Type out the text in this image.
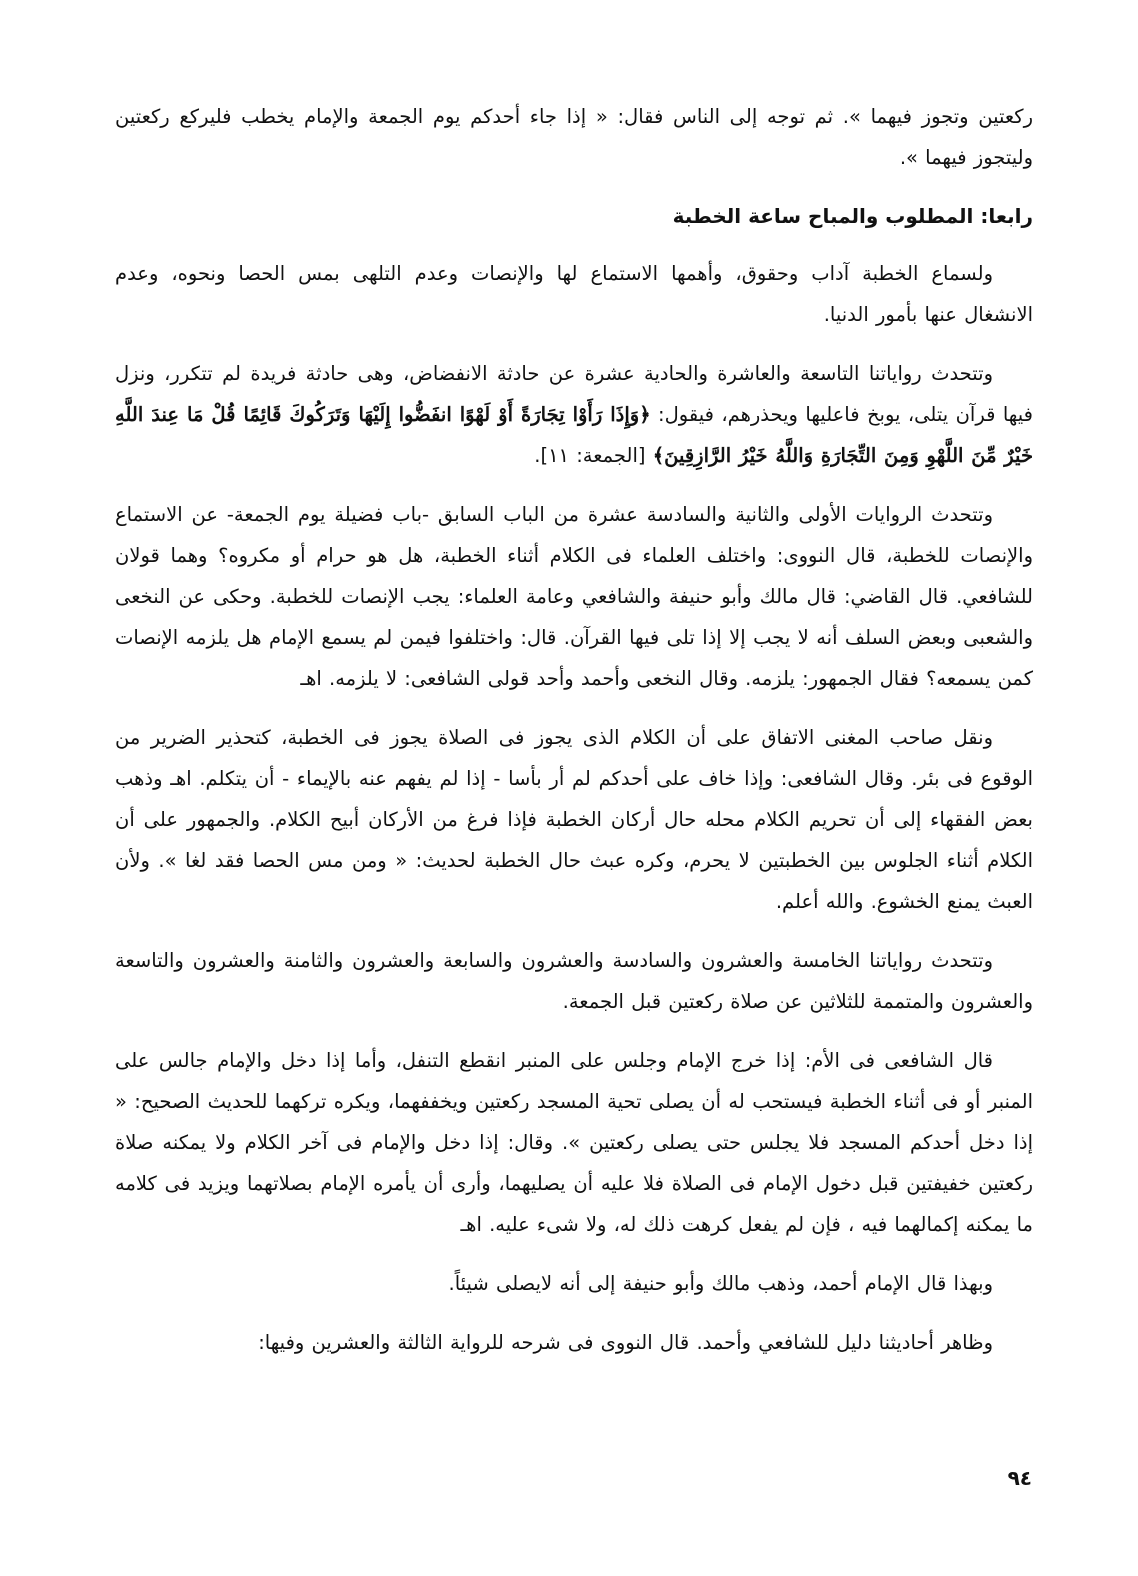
ركعتين وتجوز فيهما ». ثم توجه إلى الناس فقال: « إذا جاء أحدكم يوم الجمعة والإمام يخطب فليركع ركعتين وليتجوز فيهما ».

رابعا: المطلوب والمباح ساعة الخطبة

ولسماع الخطبة آداب وحقوق، وأهمها الاستماع لها والإنصات وعدم التلهى بمس الحصا ونحوه، وعدم الانشغال عنها بأمور الدنيا.

وتتحدث رواياتنا التاسعة والعاشرة والحادية عشرة عن حادثة الانفضاض، وهى حادثة فريدة لم تتكرر، ونزل فيها قرآن يتلى، يوبخ فاعليها ويحذرهم، فيقول: ﴿وَإِذَا رَأَوْا تِجَارَةً أَوْ لَهْوًا انفَضُّوا إِلَيْهَا وَتَرَكُوكَ قَائِمًا قُلْ مَا عِندَ اللَّهِ خَيْرٌ مِّنَ اللَّهْوِ وَمِنَ التِّجَارَةِ وَاللَّهُ خَيْرُ الرَّازِقِينَ﴾ [الجمعة: ١١].

وتتحدث الروايات الأولى والثانية والسادسة عشرة من الباب السابق -باب فضيلة يوم الجمعة- عن الاستماع والإنصات للخطبة، قال النووى: واختلف العلماء فى الكلام أثناء الخطبة، هل هو حرام أو مكروه؟ وهما قولان للشافعي. قال القاضي: قال مالك وأبو حنيفة والشافعي وعامة العلماء: يجب الإنصات للخطبة. وحكى عن النخعى والشعبى وبعض السلف أنه لا يجب إلا إذا تلى فيها القرآن. قال: واختلفوا فيمن لم يسمع الإمام هل يلزمه الإنصات كمن يسمعه؟ فقال الجمهور: يلزمه. وقال النخعى وأحمد وأحد قولى الشافعى: لا يلزمه. اهـ

ونقل صاحب المغنى الاتفاق على أن الكلام الذى يجوز فى الصلاة يجوز فى الخطبة، كتحذير الضرير من الوقوع فى بئر. وقال الشافعى: وإذا خاف على أحدكم لم أر بأسا - إذا لم يفهم عنه بالإيماء - أن يتكلم. اهـ وذهب بعض الفقهاء إلى أن تحريم الكلام محله حال أركان الخطبة فإذا فرغ من الأركان أبيح الكلام. والجمهور على أن الكلام أثناء الجلوس بين الخطبتين لا يحرم، وكره عبث حال الخطبة لحديث: « ومن مس الحصا فقد لغا ». ولأن العبث يمنع الخشوع. والله أعلم.

وتتحدث رواياتنا الخامسة والعشرون والسادسة والعشرون والسابعة والعشرون والثامنة والعشرون والتاسعة والعشرون والمتممة للثلاثين عن صلاة ركعتين قبل الجمعة.

قال الشافعى فى الأم: إذا خرج الإمام وجلس على المنبر انقطع التنفل، وأما إذا دخل والإمام جالس على المنبر أو فى أثناء الخطبة فيستحب له أن يصلى تحية المسجد ركعتين ويخففهما، ويكره تركهما للحديث الصحيح: « إذا دخل أحدكم المسجد فلا يجلس حتى يصلى ركعتين ». وقال: إذا دخل والإمام فى آخر الكلام ولا يمكنه صلاة ركعتين خفيفتين قبل دخول الإمام فى الصلاة فلا عليه أن يصليهما، وأرى أن يأمره الإمام بصلاتهما ويزيد فى كلامه ما يمكنه إكمالهما فيه ، فإن لم يفعل كرهت ذلك له، ولا شىء عليه. اهـ

وبهذا قال الإمام أحمد، وذهب مالك وأبو حنيفة إلى أنه لايصلى شيئاً.

وظاهر أحاديثنا دليل للشافعي وأحمد. قال النووى فى شرحه للرواية الثالثة والعشرين وفيها:

٩٤
